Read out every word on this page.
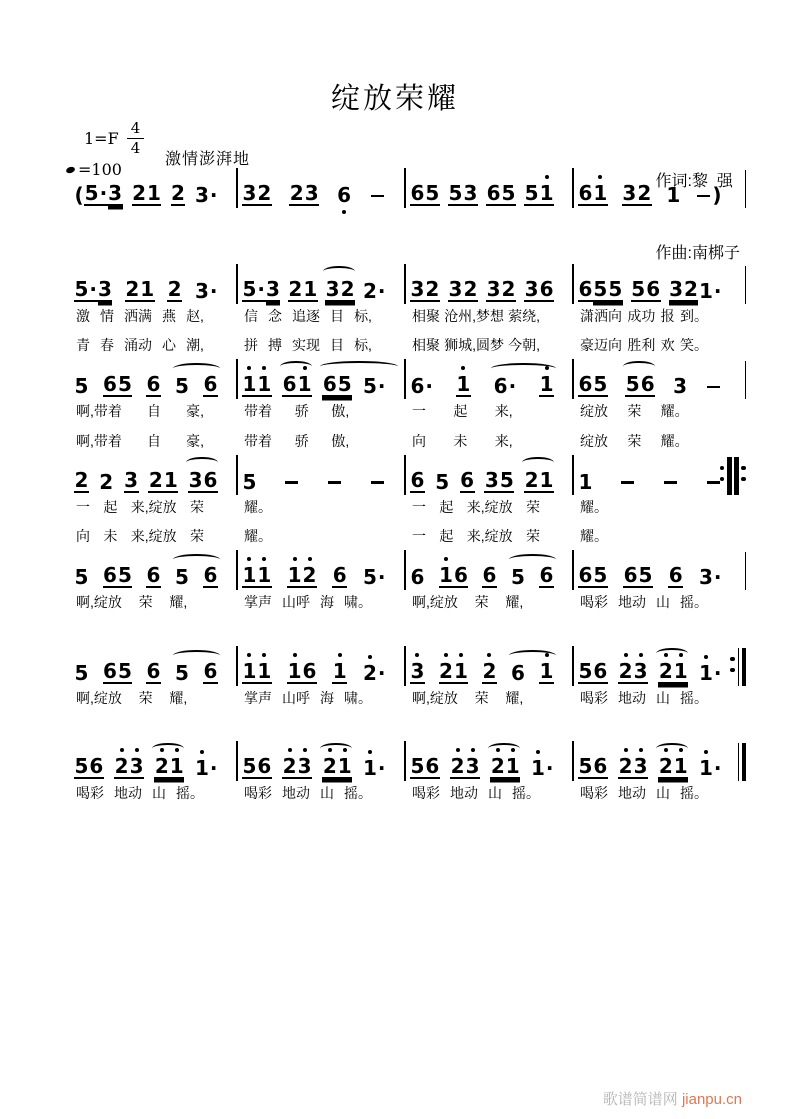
绽放荣耀
$1=F \frac{4}{4}$
=100
激情澎湃地

作词:黎  强

作曲:南梆子

( 5 · 3 2 1 2 3 · 3 2 2 3 6	6 5 5 3 6 5 5 1 6 1 3 2 1 )
5 · 3 2 1 2 3 ·
激 情 洒满 燕 赵,
青 春 涌动 心 潮,
5 · 3 2 1 3 2 2 ·
信 念 追逐 目 标,
拼 搏 实现 目 标,
3 2 3 2 3 2 3 6
相聚 沧州,梦想 萦绕,
相聚 狮城,圆梦 今朝,
6 5 5 5 6 3 2 1 ·
潇洒向 成功 报 到。
豪迈向 胜利 欢 笑。
5 6 5 6 5 6
啊,带着 自 豪,
啊,带着 自 豪,
1 1 6 1 6 5 5 ·
带着 骄 傲,
带着 骄 傲,
6 · 1 6 · 1
一 起 来,
向 未 来,
6 5 5 6 3
绽放 荣 耀。
绽放 荣 耀。
2 2 3 2 1 3 6
一 起 来,绽放 荣
向 未 来,绽放 荣
5
耀。
耀。
6 5 6 3 5 2 1
一 起 来,绽放 荣
一 起 来,绽放 荣
1
耀。
耀。
5 6 5 6 5 6
啊,绽放 荣 耀,
1 1 1 2 6 5 ·
掌声 山呼 海 啸。
6 1 6 6 5 6
啊,绽放 荣 耀,
6 5 6 5 6 3 ·
喝彩 地动 山 摇。
5 6 5 6 5 6
啊,绽放 荣 耀,
1 1 1 6 1 2 ·
掌声 山呼 海 啸。
3 2 1 2 6 1
啊,绽放 荣 耀,
5 6 2 3 2 1 1 ·
喝彩 地动 山 摇。
5 6 2 3 2 1 1 ·
喝彩 地动 山 摇。
5 6 2 3 2 1 1 ·
喝彩 地动 山 摇。
5 6 2 3 2 1 1 ·
喝彩 地动 山 摇。
5 6 2 3 2 1 1 ·
喝彩 地动 山 摇。
歌谱简谱网 jianpu.cn
